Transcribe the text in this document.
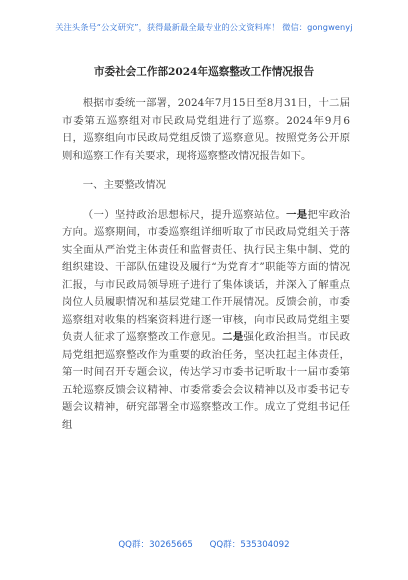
关注头条号“公文研究”，获得最新最全最专业的公文资料库！ 微信：gongwenyj
市委社会工作部2024年巡察整改工作情况报告

根据市委统一部署，2024年7月15日至8月31日，十二届市委第五巡察组对市民政局党组进行了巡察。2024年9月6日，巡察组向市民政局党组反馈了巡察意见。按照党务公开原则和巡察工作有关要求，现将巡察整改情况报告如下。

一、主要整改情况

（一）坚持政治思想标尺，提升巡察站位。一是把牢政治方向。巡察期间，市委巡察组详细听取了市民政局党组关于落实全面从严治党主体责任和监督责任、执行民主集中制、党的组织建设、干部队伍建设及履行“为党育才”职能等方面的情况汇报，与市民政局领导班子进行了集体谈话，并深入了解重点岗位人员履职情况和基层党建工作开展情况。反馈会前，市委巡察组对收集的档案资料进行逐一审核，向市民政局党组主要负责人征求了巡察整改工作意见。二是强化政治担当。市民政局党组把巡察整改作为重要的政治任务，坚决扛起主体责任，第一时间召开专题会议，传达学习市委书记听取十一届市委第五轮巡察反馈会议精神、市委常委会会议精神以及市委书记专题会议精神，研究部署全市巡察整改工作。成立了党组书记任组

QQ群：30265665 QQ群：535304092
